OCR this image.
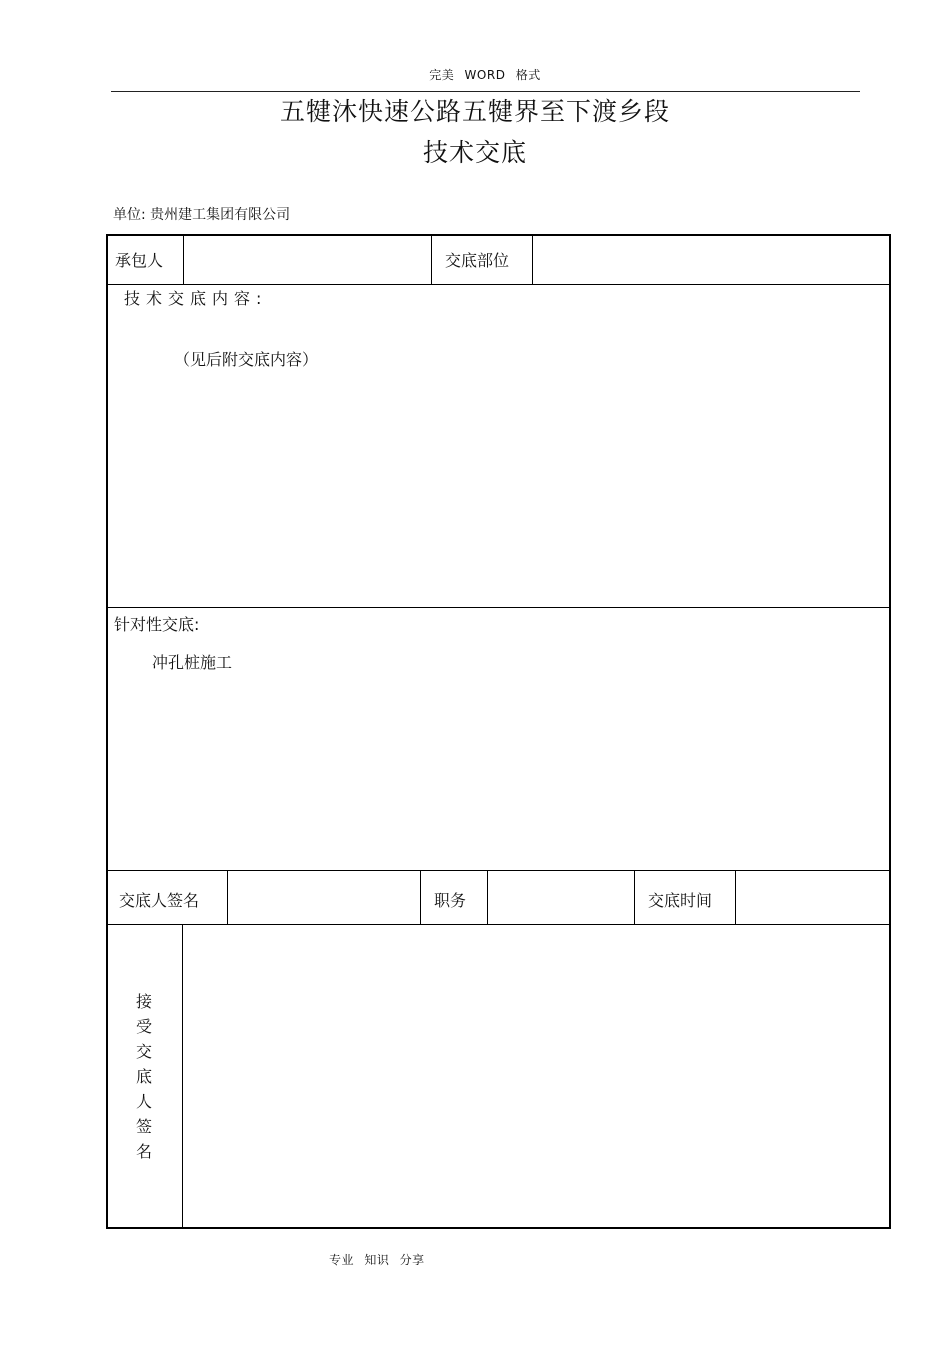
完美 WORD 格式
五犍沐快速公路五犍界至下渡乡段
技术交底
单位: 贵州建工集团有限公司
承包人	交底部位
技术交底内容:
（见后附交底内容）
针对性交底:
冲孔桩施工
交底人签名	职务	交底时间
接受交底人签名
专业 知识 分享
